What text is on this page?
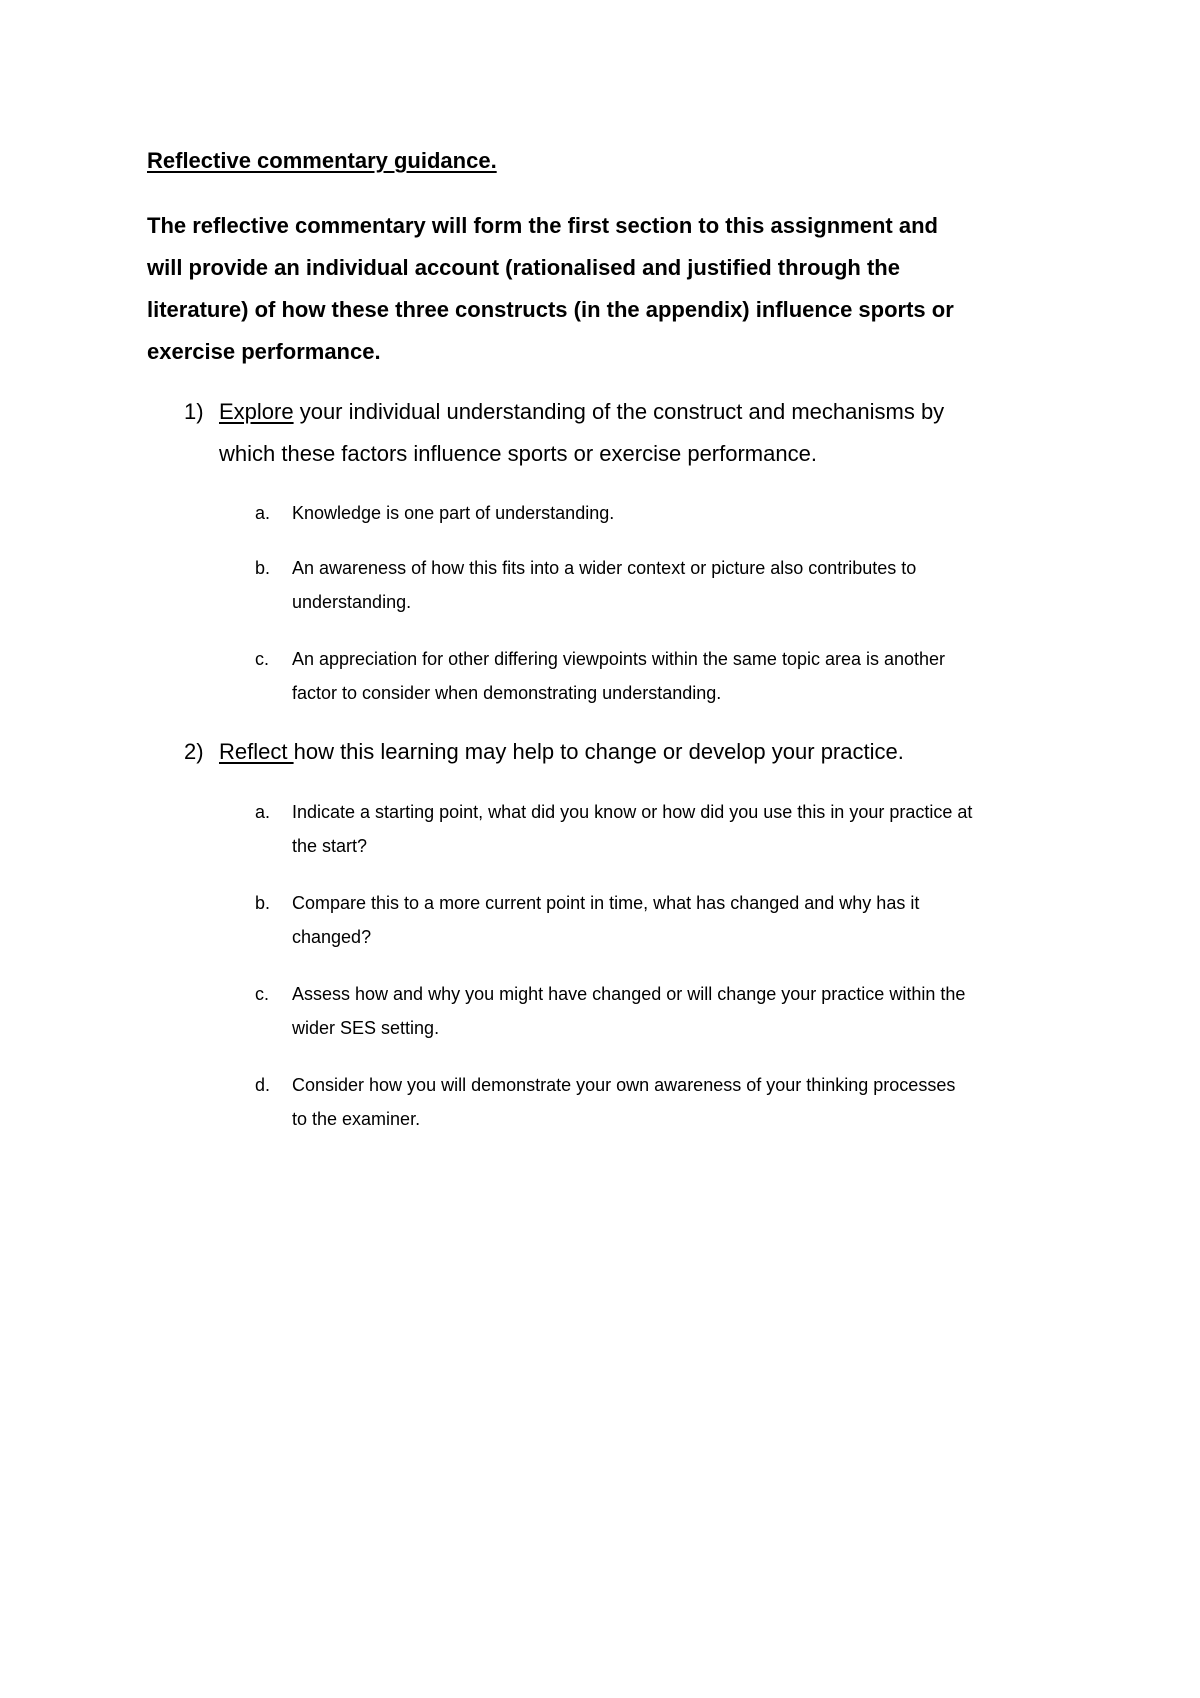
Reflective commentary guidance.
The reflective commentary will form the first section to this assignment and
will provide an individual account (rationalised and justified through the
literature) of how these three constructs (in the appendix) influence sports or
exercise performance.
1) Explore your individual understanding of the construct and mechanisms by
which these factors influence sports or exercise performance.
a. Knowledge is one part of understanding.
b. An awareness of how this fits into a wider context or picture also contributes to
understanding.
c. An appreciation for other differing viewpoints within the same topic area is another
factor to consider when demonstrating understanding.
2) Reflect how this learning may help to change or develop your practice.
a. Indicate a starting point, what did you know or how did you use this in your practice at
the start?
b. Compare this to a more current point in time, what has changed and why has it
changed?
c. Assess how and why you might have changed or will change your practice within the
wider SES setting.
d. Consider how you will demonstrate your own awareness of your thinking processes
to the examiner.
